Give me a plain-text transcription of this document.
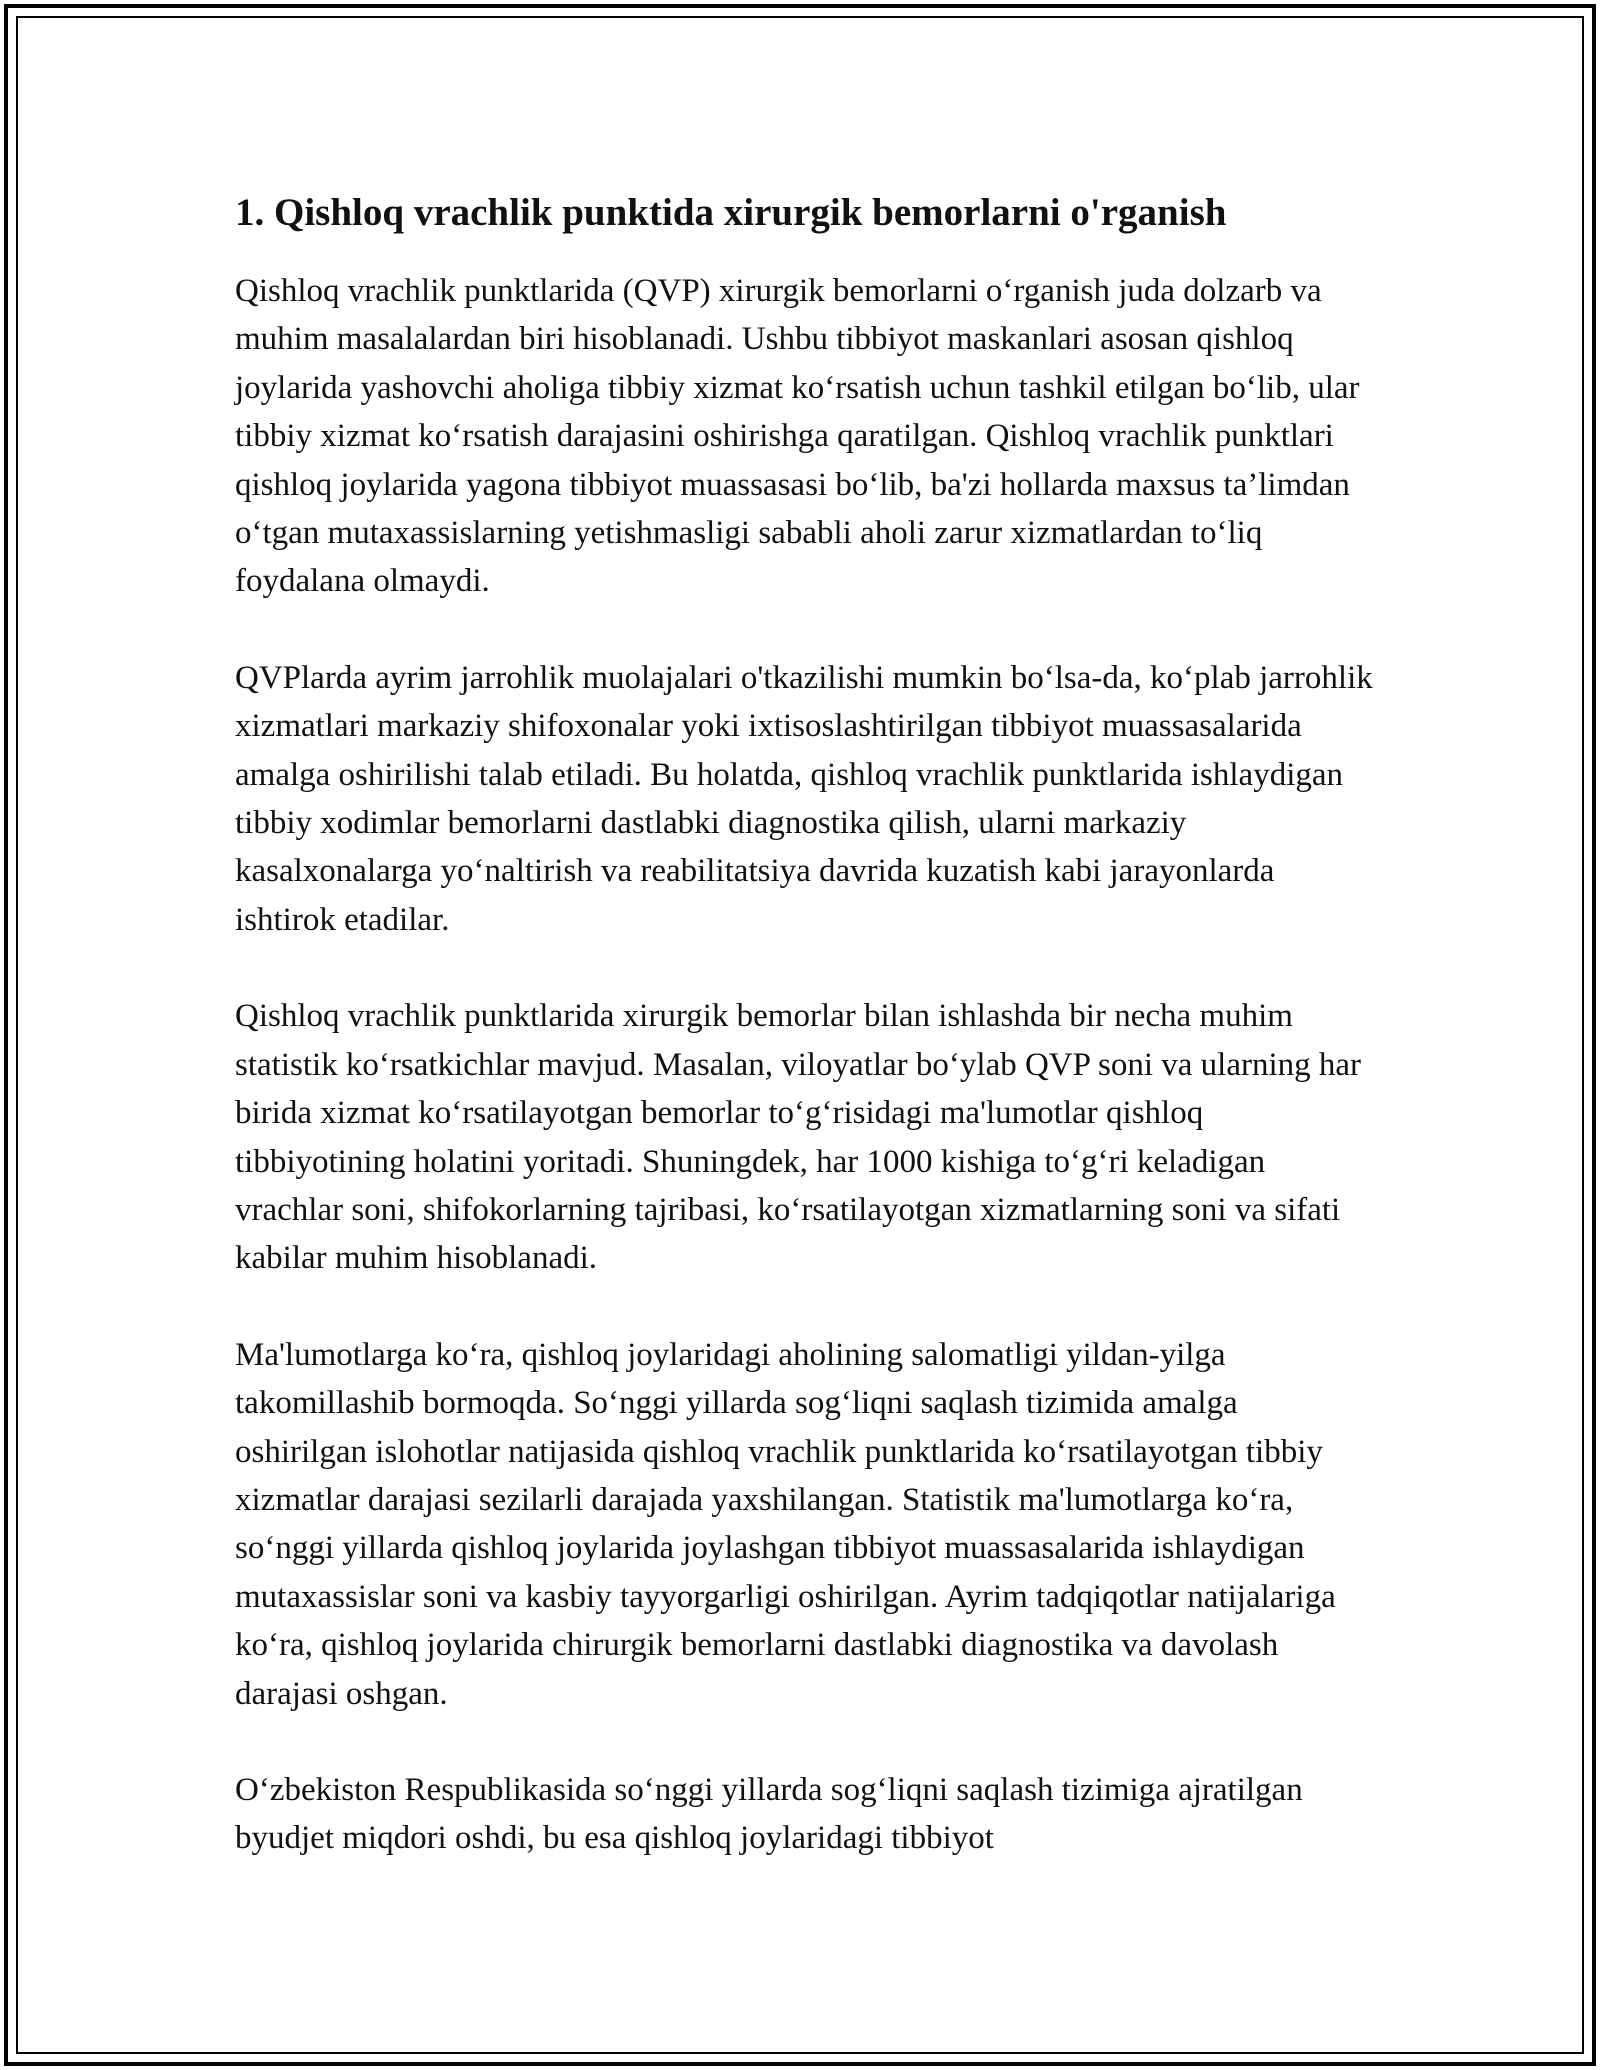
1. Qishloq vrachlik punktida xirurgik bemorlarni o'rganish

Qishloq vrachlik punktlarida (QVP) xirurgik bemorlarni o‘rganish juda dolzarb va muhim masalalardan biri hisoblanadi. Ushbu tibbiyot maskanlari asosan qishloq joylarida yashovchi aholiga tibbiy xizmat ko‘rsatish uchun tashkil etilgan bo‘lib, ular tibbiy xizmat ko‘rsatish darajasini oshirishga qaratilgan. Qishloq vrachlik punktlari qishloq joylarida yagona tibbiyot muassasasi bo‘lib, ba'zi hollarda maxsus ta’limdan o‘tgan mutaxassislarning yetishmasligi sababli aholi zarur xizmatlardan to‘liq foydalana olmaydi.

QVPlarda ayrim jarrohlik muolajalari o'tkazilishi mumkin bo‘lsa-da, ko‘plab jarrohlik xizmatlari markaziy shifoxonalar yoki ixtisoslashtirilgan tibbiyot muassasalarida amalga oshirilishi talab etiladi. Bu holatda, qishloq vrachlik punktlarida ishlaydigan tibbiy xodimlar bemorlarni dastlabki diagnostika qilish, ularni markaziy kasalxonalarga yo‘naltirish va reabilitatsiya davrida kuzatish kabi jarayonlarda ishtirok etadilar.

Qishloq vrachlik punktlarida xirurgik bemorlar bilan ishlashda bir necha muhim statistik ko‘rsatkichlar mavjud. Masalan, viloyatlar bo‘ylab QVP soni va ularning har birida xizmat ko‘rsatilayotgan bemorlar to‘g‘risidagi ma'lumotlar qishloq tibbiyotining holatini yoritadi. Shuningdek, har 1000 kishiga to‘g‘ri keladigan vrachlar soni, shifokorlarning tajribasi, ko‘rsatilayotgan xizmatlarning soni va sifati kabilar muhim hisoblanadi.

Ma'lumotlarga ko‘ra, qishloq joylaridagi aholining salomatligi yildan-yilga takomillashib bormoqda. So‘nggi yillarda sog‘liqni saqlash tizimida amalga oshirilgan islohotlar natijasida qishloq vrachlik punktlarida ko‘rsatilayotgan tibbiy xizmatlar darajasi sezilarli darajada yaxshilangan. Statistik ma'lumotlarga ko‘ra, so‘nggi yillarda qishloq joylarida joylashgan tibbiyot muassasalarida ishlaydigan mutaxassislar soni va kasbiy tayyorgarligi oshirilgan. Ayrim tadqiqotlar natijalariga ko‘ra, qishloq joylarida chirurgik bemorlarni dastlabki diagnostika va davolash darajasi oshgan.

O‘zbekiston Respublikasida so‘nggi yillarda sog‘liqni saqlash tizimiga ajratilgan byudjet miqdori oshdi, bu esa qishloq joylaridagi tibbiyot
